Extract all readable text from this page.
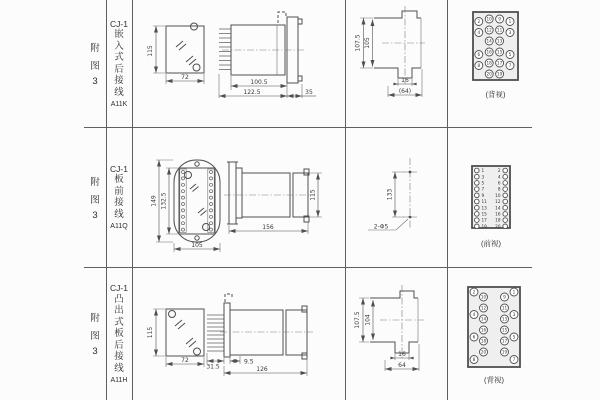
附
图
3
CJ-1
嵌
入
式
后
接
线
A11K
附
图
3
CJ-1
板
前
接
线
A11Q
附
图
3
CJ-1
凸
出
式
板
后
接
线
A11H
115
72
100.5
122.5	35
107.5 105
16
(64)
2
4
6
8
10
12
14
16
18
20
9
11
13
15
17
19
1
3
5
7
(背视)
149 132.5
105
115
156
133
2-Φ5
1
3
5
7
9
11
13
15
17
19
2
4
6
8
10
12
14
16
18
20
(前视)
115
72
31.5
9.5
126
107.5 104
16
64
2
4
6
8
10
12
14
16
18
20
9
11
13
15
17
19
1
3
5
7
(背视)
